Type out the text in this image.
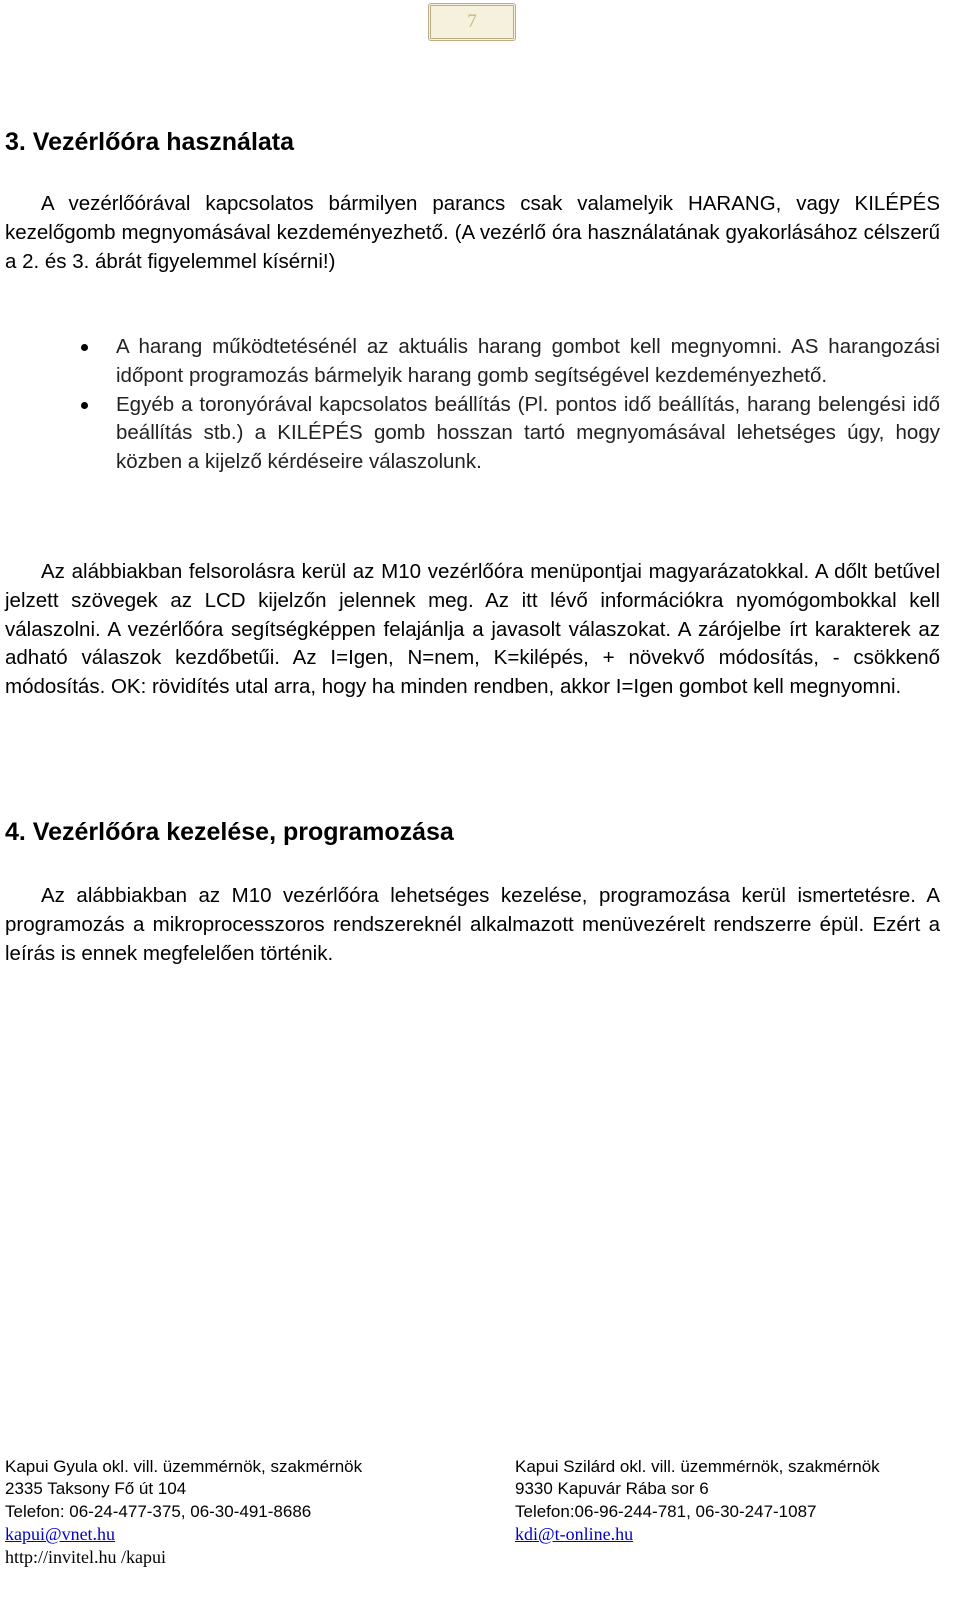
7
3. Vezérlőóra használata

A vezérlőórával kapcsolatos bármilyen parancs csak valamelyik HARANG, vagy KILÉPÉS kezelőgomb megnyomásával kezdeményezhető. (A vezérlő óra használatának gyakorlásához célszerű a 2. és 3. ábrát figyelemmel kísérni!)

A harang működtetésénél az aktuális harang gombot kell megnyomni. AS harangozási időpont programozás bármelyik harang gomb segítségével kezdeményezhető.
Egyéb a toronyórával kapcsolatos beállítás (Pl. pontos idő beállítás, harang belengési idő beállítás stb.) a KILÉPÉS gomb hosszan tartó megnyomásával lehetséges úgy, hogy közben a kijelző kérdéseire válaszolunk.

Az alábbiakban felsorolásra kerül az M10 vezérlőóra menüpontjai magyarázatokkal. A dőlt betűvel jelzett szövegek az LCD kijelzőn jelennek meg. Az itt lévő információkra nyomógombokkal kell válaszolni. A vezérlőóra segítségképpen felajánlja a javasolt válaszokat. A zárójelbe írt karakterek az adható válaszok kezdőbetűi. Az I=Igen, N=nem, K=kilépés, + növekvő módosítás, - csökkenő módosítás. OK: rövidítés utal arra, hogy ha minden rendben, akkor I=Igen gombot kell megnyomni.

4. Vezérlőóra kezelése, programozása

Az alábbiakban az M10 vezérlőóra lehetséges kezelése, programozása kerül ismertetésre. A programozás a mikroprocesszoros rendszereknél alkalmazott menüvezérelt rendszerre épül. Ezért a leírás is ennek megfelelően történik.

Kapui Gyula okl. vill. üzemmérnök, szakmérnök
2335 Taksony Fő út 104
Telefon: 06-24-477-375, 06-30-491-8686
kapui@vnet.hu
http://invitel.hu /kapui
Kapui Szilárd okl. vill. üzemmérnök, szakmérnök
9330 Kapuvár Rába sor 6
Telefon:06-96-244-781, 06-30-247-1087
kdi@t-online.hu
